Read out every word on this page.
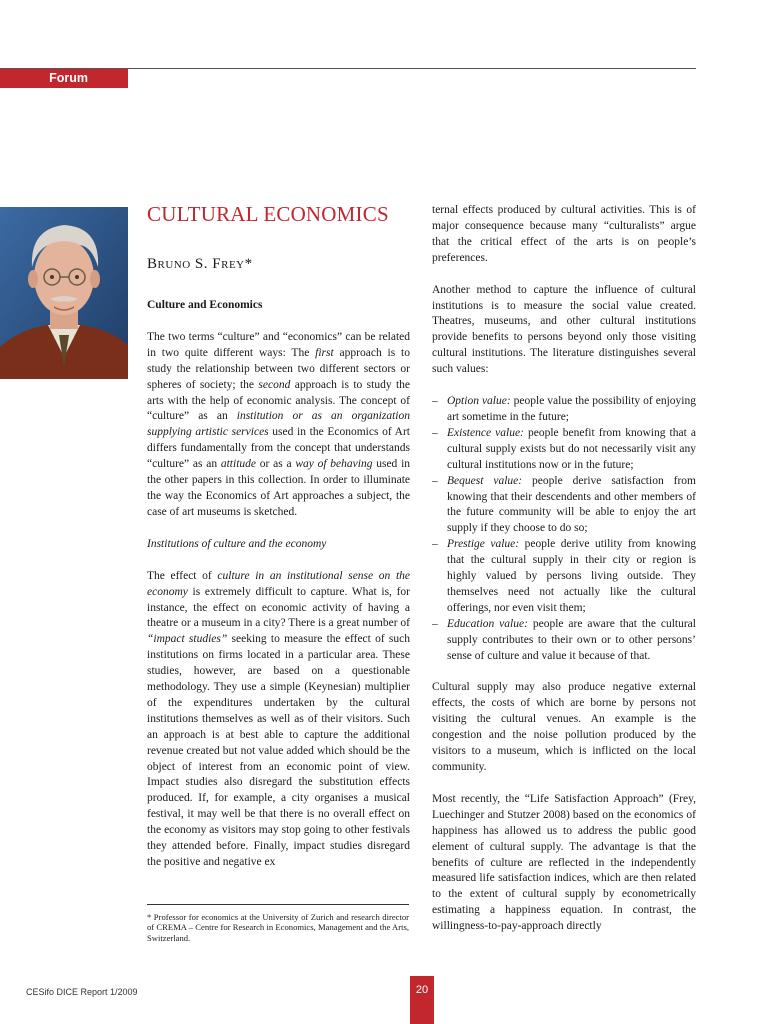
Forum
CULTURAL ECONOMICS
Bruno S. Frey*

Culture and Economics

The two terms “culture” and “economics” can be related in two quite different ways: The first approach is to study the relationship between two different sectors or spheres of society; the second approach is to study the arts with the help of economic analysis. The concept of “culture” as an institution or as an organization supplying artistic services used in the Economics of Art differs fundamentally from the concept that understands “culture” as an attitude or as a way of behaving used in the other papers in this collection. In order to illuminate the way the Economics of Art approaches a subject, the case of art museums is sketched.

Institutions of culture and the economy

The effect of culture in an institutional sense on the economy is extremely difficult to capture. What is, for instance, the effect on economic activity of having a theatre or a museum in a city? There is a great number of “impact studies” seeking to measure the effect of such institutions on firms located in a particular area. These studies, however, are based on a questionable methodology. They use a simple (Keynesian) multiplier of the expenditures undertaken by the cultural institutions themselves as well as of their visitors. Such an approach is at best able to capture the additional revenue created but not value added which should be the object of interest from an economic point of view. Impact studies also disregard the substitution effects produced. If, for example, a city organises a musical festival, it may well be that there is no overall effect on the economy as visitors may stop going to other festivals they attended before. Finally, impact studies disregard the positive and negative ex

* Professor for economics at the University of Zurich and research director of CREMA – Centre for Research in Economics, Management and the Arts, Switzerland.

ternal effects produced by cultural activities. This is of major consequence because many “culturalists” argue that the critical effect of the arts is on people’s preferences.

Another method to capture the influence of cultural institutions is to measure the social value created. Theatres, museums, and other cultural institutions provide benefits to persons beyond only those visiting cultural institutions. The literature distinguishes several such values:

– Option value: people value the possibility of enjoying art sometime in the future;
– Existence value: people benefit from knowing that a cultural supply exists but do not necessarily visit any cultural institutions now or in the future;
– Bequest value: people derive satisfaction from knowing that their descendents and other members of the future community will be able to enjoy the art supply if they choose to do so;
– Prestige value: people derive utility from knowing that the cultural supply in their city or region is highly valued by persons living outside. They themselves need not actually like the cultural offerings, nor even visit them;
– Education value: people are aware that the cultural supply contributes to their own or to other persons’ sense of culture and value it because of that.

Cultural supply may also produce negative external effects, the costs of which are borne by persons not visiting the cultural venues. An example is the congestion and the noise pollution produced by the visitors to a museum, which is inflicted on the local community.

Most recently, the “Life Satisfaction Approach” (Frey, Luechinger and Stutzer 2008) based on the economics of happiness has allowed us to address the public good element of cultural supply. The advantage is that the benefits of culture are reflected in the independently measured life satisfaction indices, which are then related to the extent of cultural supply by econometrically estimating a happiness equation. In contrast, the willingness-to-pay-approach directly

CESifo DICE Report 1/2009	20
